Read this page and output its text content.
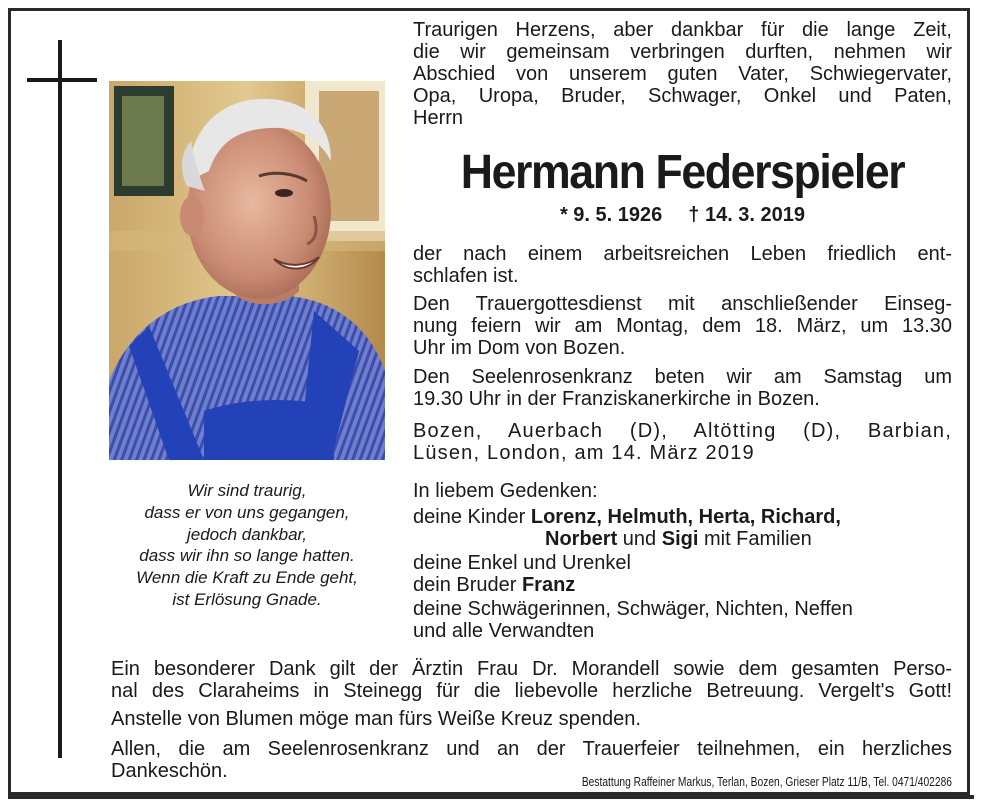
Wir sind traurig,
dass er von uns gegangen,
jedoch dankbar,
dass wir ihn so lange hatten.
Wenn die Kraft zu Ende geht,
ist Erlösung Gnade.
Traurigen Herzens, aber dankbar für die lange Zeit,
die wir gemeinsam verbringen durften, nehmen wir
Abschied von unserem guten Vater, Schwiegervater,
Opa, Uropa, Bruder, Schwager, Onkel und Paten,
Herrn
Hermann Federspieler
* 9. 5. 1926 † 14. 3. 2019
der nach einem arbeitsreichen Leben friedlich ent-
schlafen ist.
Den Trauergottesdienst mit anschließender Einseg-
nung feiern wir am Montag, dem 18. März, um 13.30
Uhr im Dom von Bozen.
Den Seelenrosenkranz beten wir am Samstag um
19.30 Uhr in der Franziskanerkirche in Bozen.
Bozen, Auerbach (D), Altötting (D), Barbian,
Lüsen, London, am 14. März 2019
In liebem Gedenken:
deine Kinder Lorenz, Helmuth, Herta, Richard,
Norbert und Sigi mit Familien
deine Enkel und Urenkel
dein Bruder Franz
deine Schwägerinnen, Schwäger, Nichten, Neffen
und alle Verwandten
Ein besonderer Dank gilt der Ärztin Frau Dr. Morandell sowie dem gesamten Perso-
nal des Claraheims in Steinegg für die liebevolle herzliche Betreuung. Vergelt's Gott!
Anstelle von Blumen möge man fürs Weiße Kreuz spenden.
Allen, die am Seelenrosenkranz und an der Trauerfeier teilnehmen, ein herzliches
Dankeschön.	Bestattung Raffeiner Markus, Terlan, Bozen, Grieser Platz 11/B, Tel. 0471/402286
